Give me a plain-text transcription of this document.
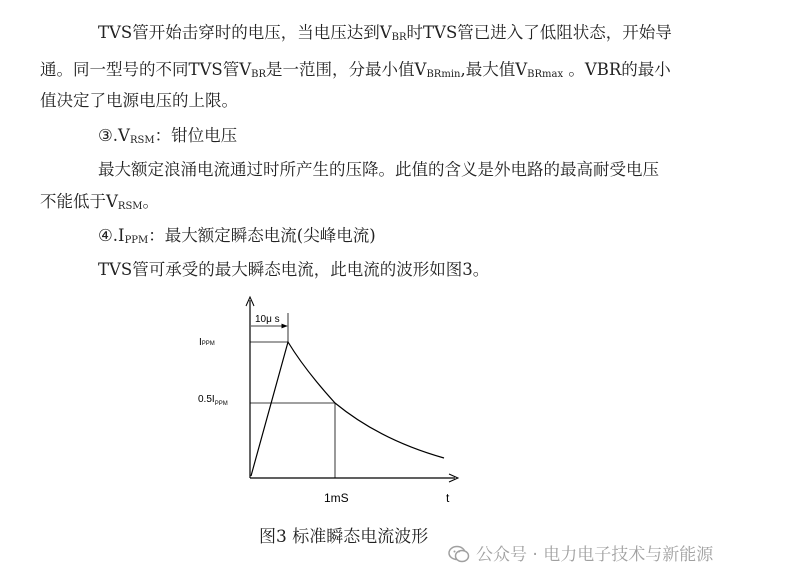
TVS管开始击穿时的电压，当电压达到$V_{BR}$时TVS管已进入了低阻状态，开始导
通。同一型号的不同TVS管$V_{BR}$是一范围，分最小值$V_{BRmin}$,最大值$V_{BRmax}$ 。VBR的最小
值决定了电源电压的上限。
$③.V_{RSM}$：钳位电压
最大额定浪涌电流通过时所产生的压降。此值的含义是外电路的最高耐受电压
不能低于$V_{RSM}$。
$④.I_{PPM}$：最大额定瞬态电流(尖峰电流)
TVS管可承受的最大瞬态电流，此电流的波形如图3。
10μ s
IPPM
$0.5I_{PPM}$
1mS	t
图3 标准瞬态电流波形
公众号 · 电力电子技术与新能源
